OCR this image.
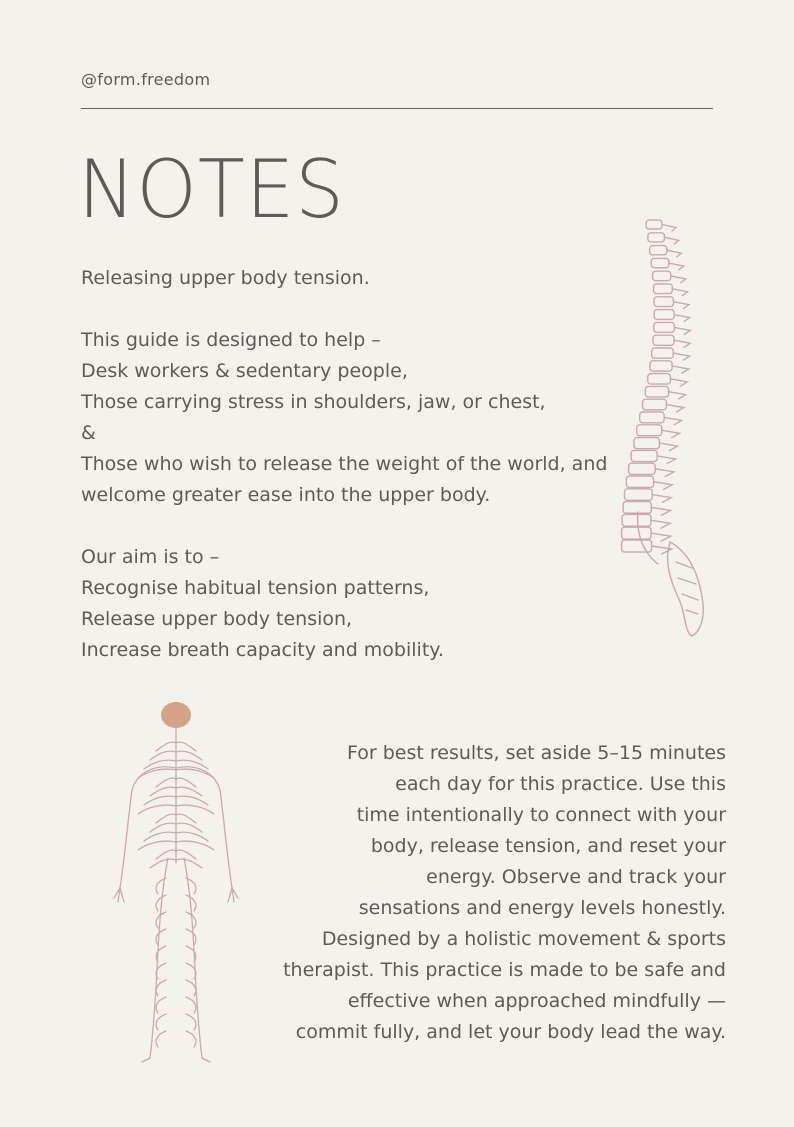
@form.freedom
NOTES

Releasing upper body tension.

This guide is designed to help –

Desk workers & sedentary people,

Those carrying stress in shoulders, jaw, or chest,

&

Those who wish to release the weight of the world, and

welcome greater ease into the upper body.

Our aim is to –

Recognise habitual tension patterns,

Release upper body tension,

Increase breath capacity and mobility.

For best results, set aside 5–15 minutes

each day for this practice. Use this

time intentionally to connect with your

body, release tension, and reset your

energy. Observe and track your

sensations and energy levels honestly.

Designed by a holistic movement & sports

therapist. This practice is made to be safe and

effective when approached mindfully —

commit fully, and let your body lead the way.
